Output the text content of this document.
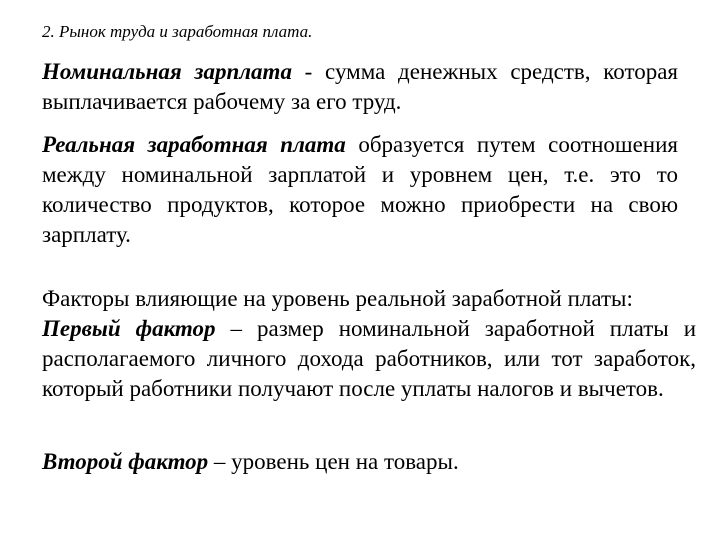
2. Рынок труда и заработная плата.
Номинальная зарплата - сумма денежных средств, которая выплачивается рабочему за его труд.
Реальная заработная плата образуется путем соотношения между номинальной зарплатой и уровнем цен, т.е. это то количество продуктов, которое можно приобрести на свою зарплату.
Факторы влияющие на уровень реальной заработной платы:
Первый фактор – размер номинальной заработной платы и располагаемого личного дохода работников, или тот заработок, который работники получают после уплаты налогов и вычетов.
Второй фактор – уровень цен на товары.
